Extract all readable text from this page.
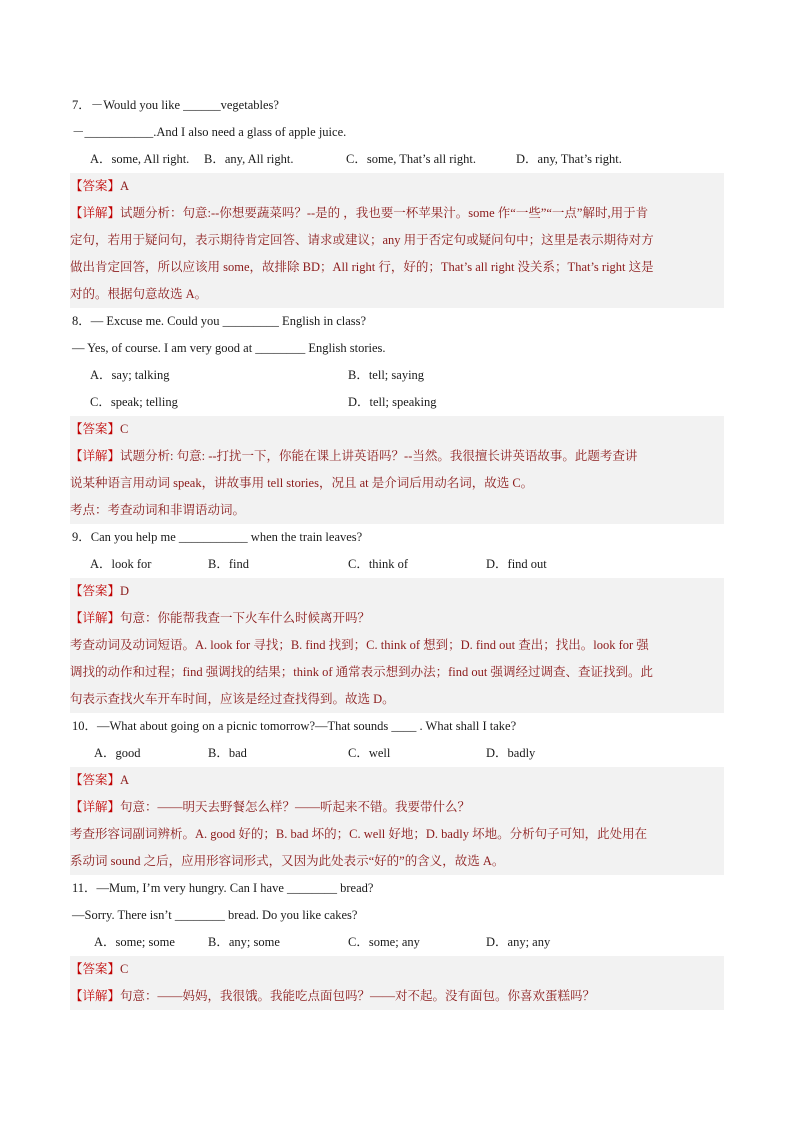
7．－Would you like ______vegetables?
－___________.And I also need a glass of apple juice.
A．some, All right. B．any, All right.	C．some, That’s all right.	D．any, That’s right.
【答案】A
【详解】试题分析：句意:--你想要蔬菜吗？--是的 ，我也要一杯苹果汁。some 作“一些”“一点”解时,用于肯
定句，若用于疑问句，表示期待肯定回答、请求或建议；any 用于否定句或疑问句中；这里是表示期待对方
做出肯定回答，所以应该用 some，故排除 BD；All right 行，好的；That’s all right 没关系；That’s right 这是
对的。根据句意故选 A。
8．— Excuse me. Could you _________ English in class?
— Yes, of course. I am very good at ________ English stories.
A．say; talking	B．tell; saying
C．speak; telling	D．tell; speaking
【答案】C
【详解】试题分析: 句意: --打扰一下，你能在课上讲英语吗？--当然。我很擅长讲英语故事。此题考查讲
说某种语言用动词 speak，讲故事用 tell stories，况且 at 是介词后用动名词，故选 C。
考点：考查动词和非谓语动词。
9．Can you help me ___________ when the train leaves?
A．look for	B．find	C．think of	D．find out
【答案】D
【详解】句意：你能帮我查一下火车什么时候离开吗？
考查动词及动词短语。A. look for 寻找；B. find 找到；C. think of 想到；D. find out 查出；找出。look for 强
调找的动作和过程；find 强调找的结果；think of 通常表示想到办法；find out 强调经过调查、查证找到。此
句表示查找火车开车时间，应该是经过查找得到。故选 D。
10．—What about going on a picnic tomorrow?—That sounds ____ . What shall I take?
A．good	B．bad	C．well	D．badly
【答案】A
【详解】句意：——明天去野餐怎么样？——听起来不错。我要带什么？
考查形容词副词辨析。A. good 好的；B. bad 坏的；C. well 好地；D. badly 坏地。分析句子可知，此处用在
系动词 sound 之后，应用形容词形式，又因为此处表示“好的”的含义，故选 A。
11．—Mum, I’m very hungry. Can I have ________ bread?
—Sorry. There isn’t ________ bread. Do you like cakes?
A．some; some	B．any; some	C．some; any	D．any; any
【答案】C
【详解】句意：——妈妈，我很饿。我能吃点面包吗？——对不起。没有面包。你喜欢蛋糕吗？
